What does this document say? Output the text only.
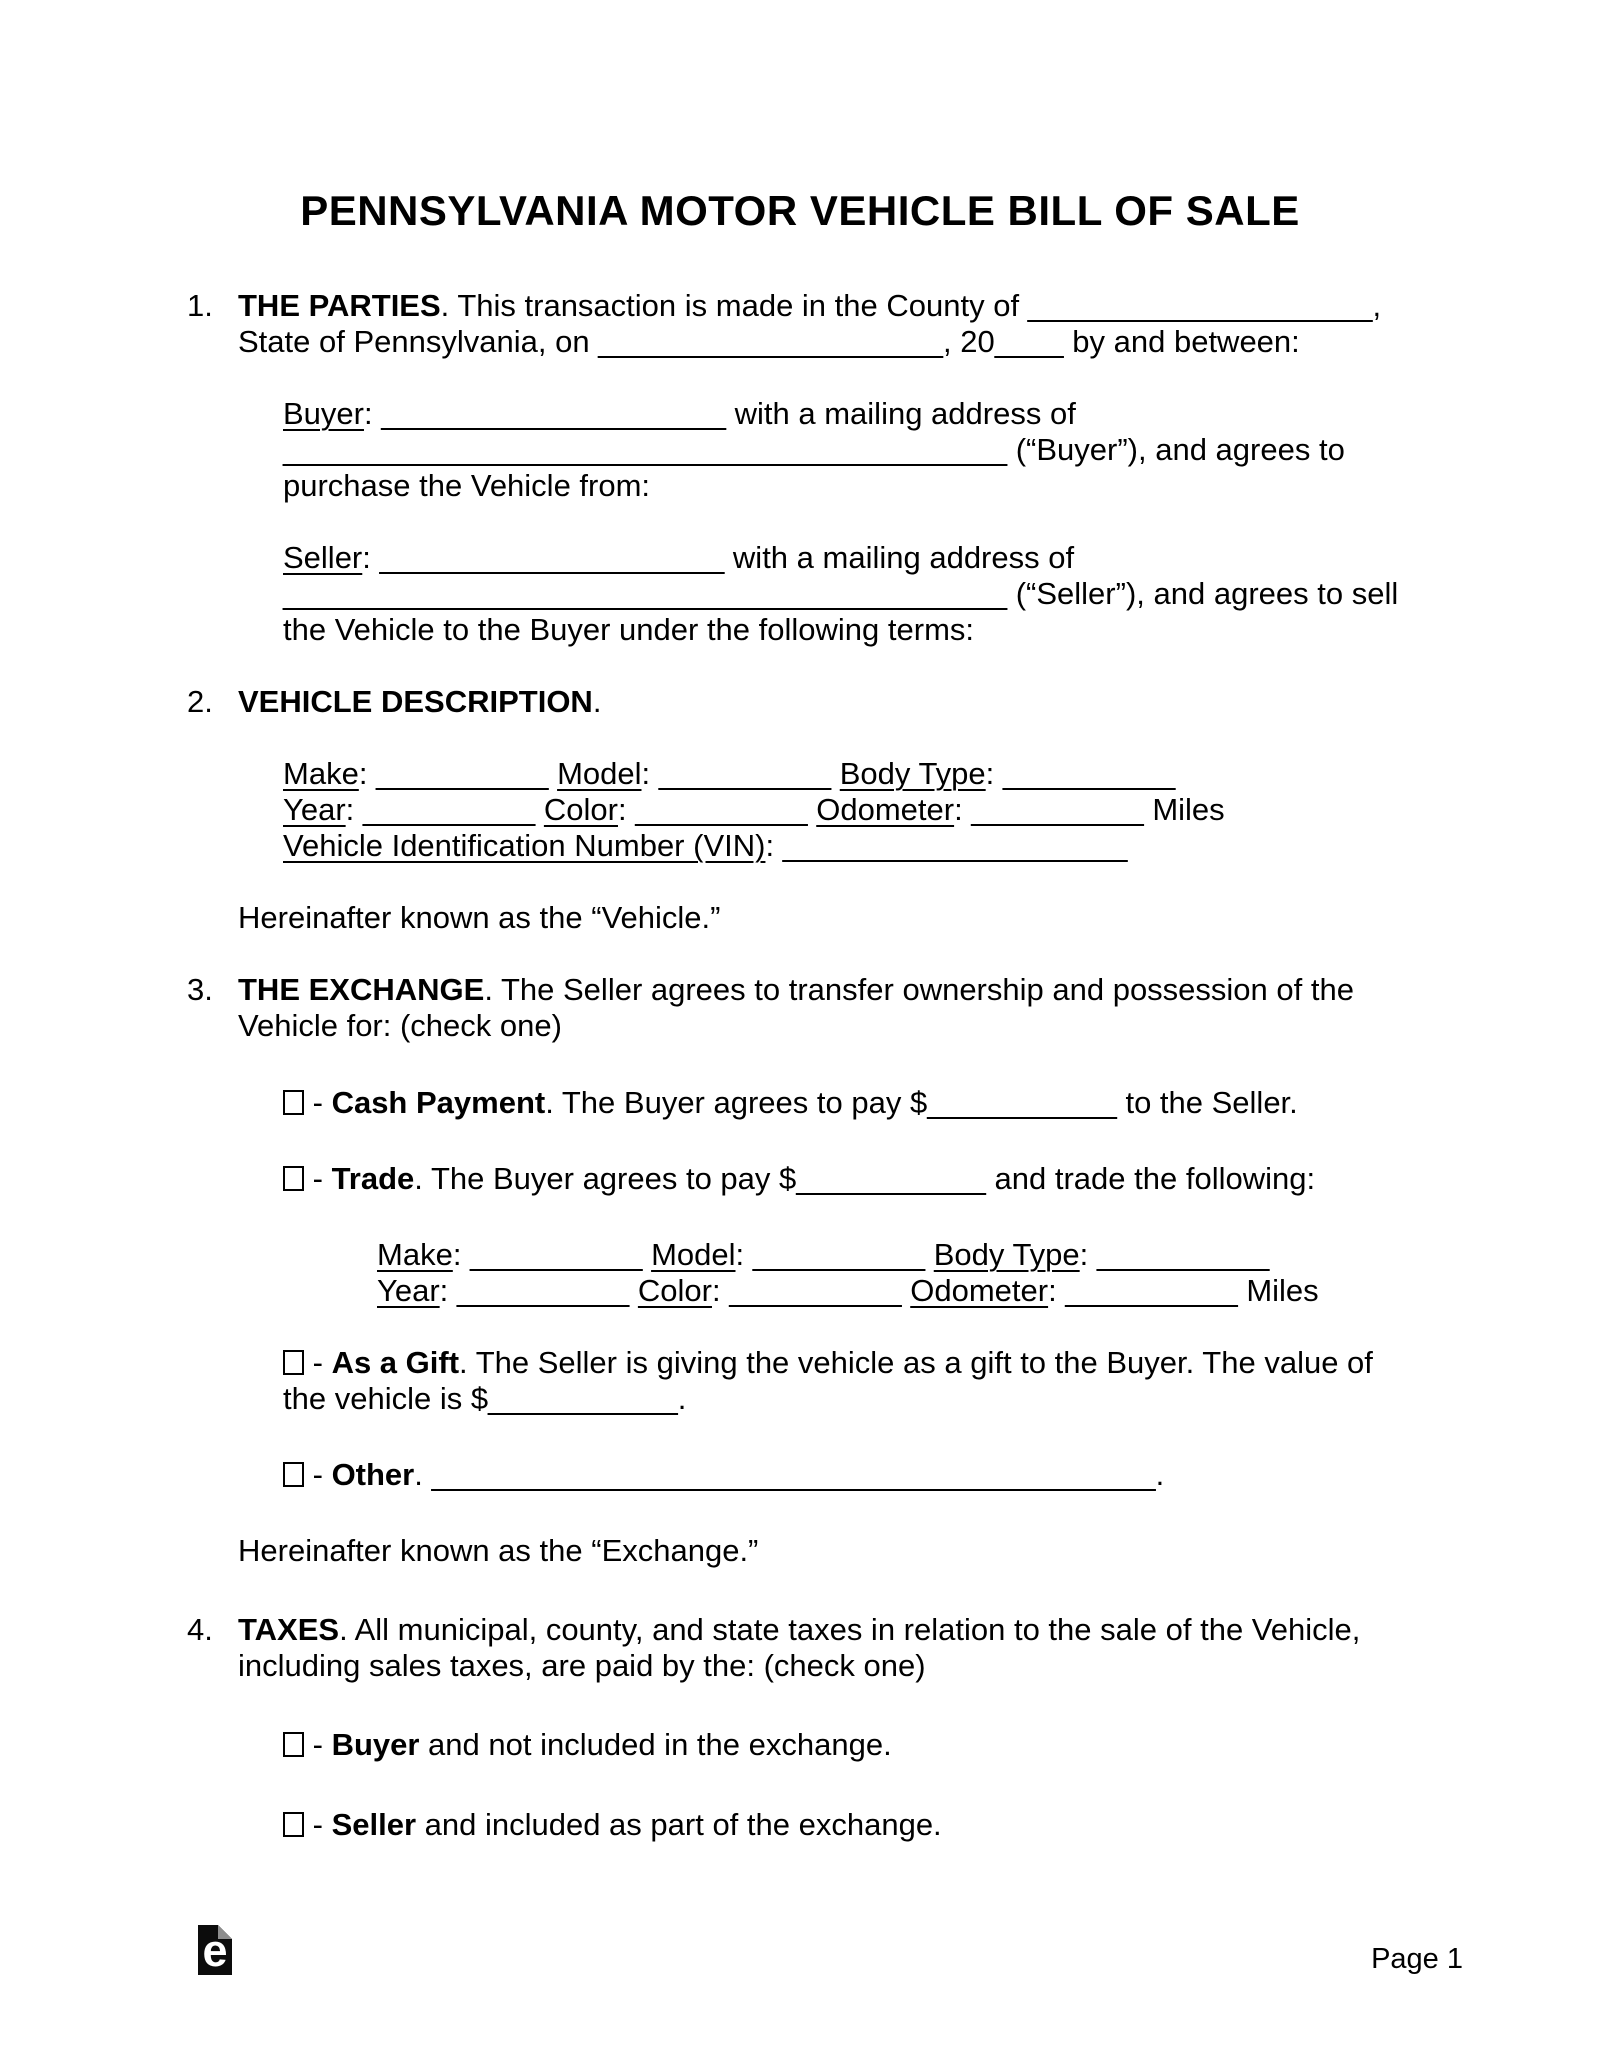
PENNSYLVANIA MOTOR VEHICLE BILL OF SALE
1. THE PARTIES. This transaction is made in the County of ____________________,
State of Pennsylvania, on ____________________, 20____ by and between:
Buyer: ____________________ with a mailing address of
__________________________________________ (“Buyer”), and agrees to
purchase the Vehicle from:
Seller: ____________________ with a mailing address of
__________________________________________ (“Seller”), and agrees to sell
the Vehicle to the Buyer under the following terms:
2. VEHICLE DESCRIPTION.
Make: __________ Model: __________ Body Type: __________
Year: __________ Color: __________ Odometer: __________ Miles
Vehicle Identification Number (VIN): ____________________
Hereinafter known as the “Vehicle.”
3. THE EXCHANGE. The Seller agrees to transfer ownership and possession of the
Vehicle for: (check one)
- Cash Payment. The Buyer agrees to pay $___________ to the Seller.
- Trade. The Buyer agrees to pay $___________ and trade the following:
Make: __________ Model: __________ Body Type: __________
Year: __________ Color: __________ Odometer: __________ Miles
- As a Gift. The Seller is giving the vehicle as a gift to the Buyer. The value of
the vehicle is $___________.
- Other. __________________________________________.
Hereinafter known as the “Exchange.”
4. TAXES. All municipal, county, and state taxes in relation to the sale of the Vehicle,
including sales taxes, are paid by the: (check one)
- Buyer and not included in the exchange.
- Seller and included as part of the exchange.
e	Page 1
